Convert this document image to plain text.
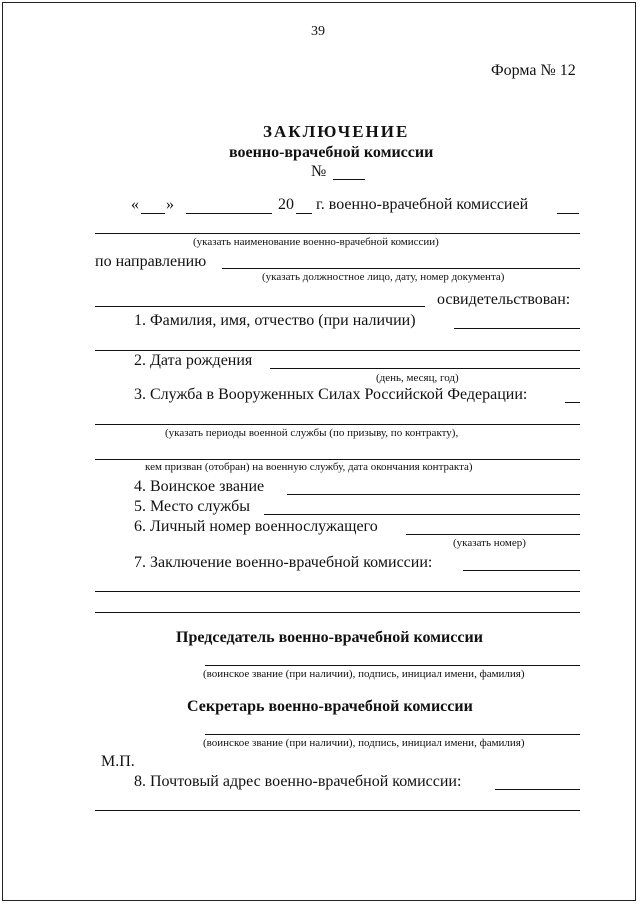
39
Форма № 12
ЗАКЛЮЧЕНИЕ
военно-врачебной комиссии
№
« »	20 г. военно-врачебной комиссией
(указать наименование военно-врачебной комиссии)
по направлению
(указать должностное лицо, дату, номер документа)
освидетельствован:
1. Фамилия, имя, отчество (при наличии)
2. Дата рождения
(день, месяц, год)
3. Служба в Вооруженных Силах Российской Федерации:
(указать периоды военной службы (по призыву, по контракту),
кем призван (отобран) на военную службу, дата окончания контракта)
4. Воинское звание
5. Место службы
6. Личный номер военнослужащего
(указать номер)
7. Заключение военно-врачебной комиссии:
Председатель военно-врачебной комиссии
(воинское звание (при наличии), подпись, инициал имени, фамилия)
Секретарь военно-врачебной комиссии
(воинское звание (при наличии), подпись, инициал имени, фамилия)
М.П.
8. Почтовый адрес военно-врачебной комиссии:
